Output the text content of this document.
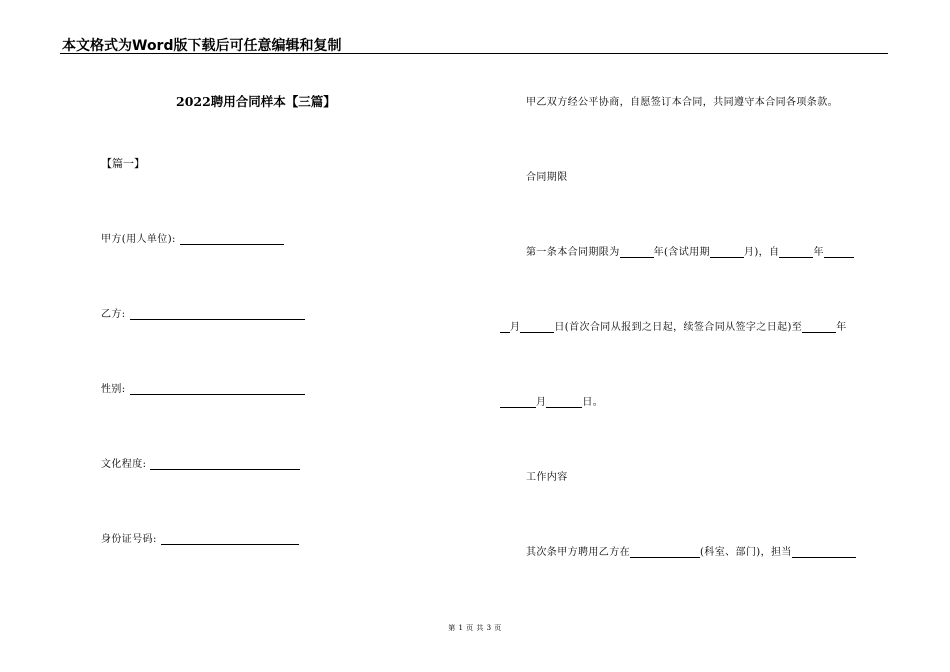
本文格式为Word版下载后可任意编辑和复制
2022聘用合同样本【三篇】
【篇一】
甲方(用人单位):
乙方:
性别:
文化程度:
身份证号码:
甲乙双方经公平协商，自愿签订本合同，共同遵守本合同各项条款。
合同期限
第一条本合同期限为	年(含试用期	月)，自	年
月	日(首次合同从报到之日起，续签合同从签字之日起)至	年
月	日。
工作内容
其次条甲方聘用乙方在	(科室、部门)，担当
第 1 页 共 3 页
